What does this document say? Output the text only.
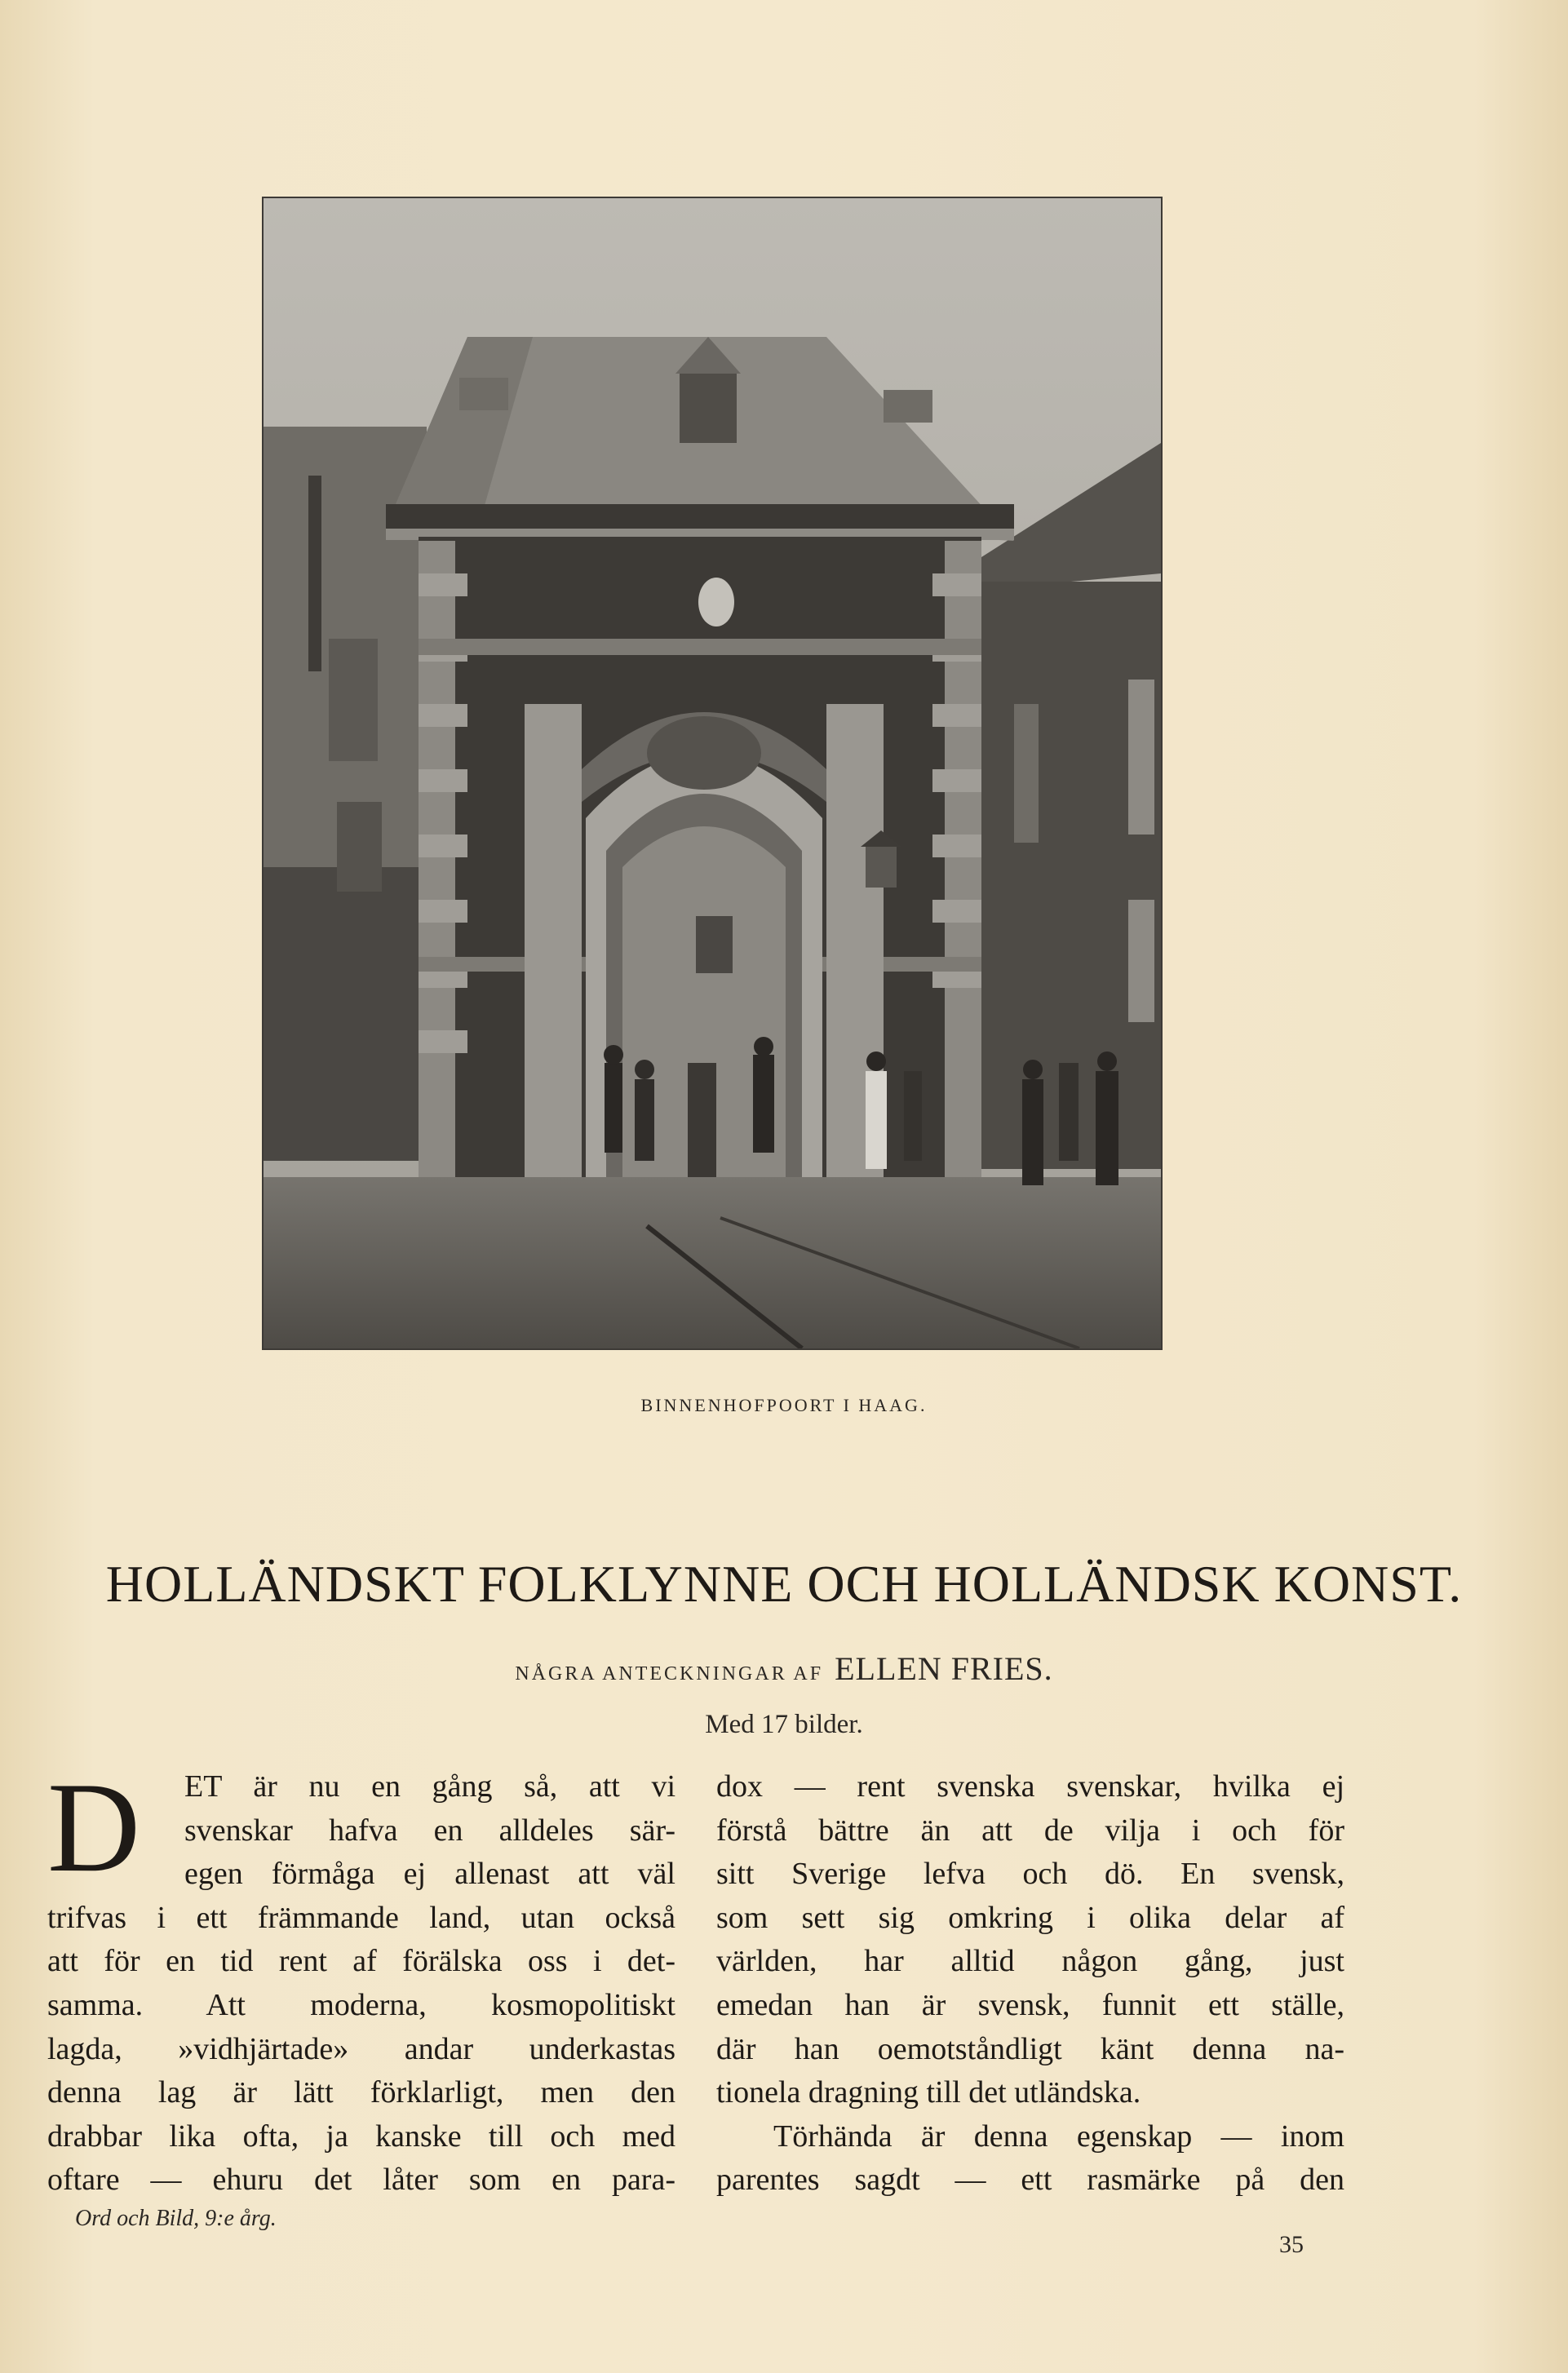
BINNENHOFPOORT I HAAG.
HOLLÄNDSKT FOLKLYNNE OCH HOLLÄNDSK KONST.
NÅGRA ANTECKNINGAR AF ELLEN FRIES.
Med 17 bilder.
D	ET är nu en gång så, att vi
svenskar hafva en alldeles sär-
egen förmåga ej allenast att väl
trifvas i ett främmande land, utan också
att för en tid rent af förälska oss i det-
samma. Att moderna, kosmopolitiskt
lagda, »vidhjärtade» andar underkastas
denna lag är lätt förklarligt, men den
drabbar lika ofta, ja kanske till och med
oftare — ehuru det låter som en para-
dox — rent svenska svenskar, hvilka ej
förstå bättre än att de vilja i och för
sitt Sverige lefva och dö. En svensk,
som sett sig omkring i olika delar af
världen, har alltid någon gång, just
emedan han är svensk, funnit ett ställe,
där han oemotståndligt känt denna na-
tionela dragning till det utländska.
Törhända är denna egenskap — inom
parentes sagdt — ett rasmärke på den
Ord och Bild, 9:e årg.
35
